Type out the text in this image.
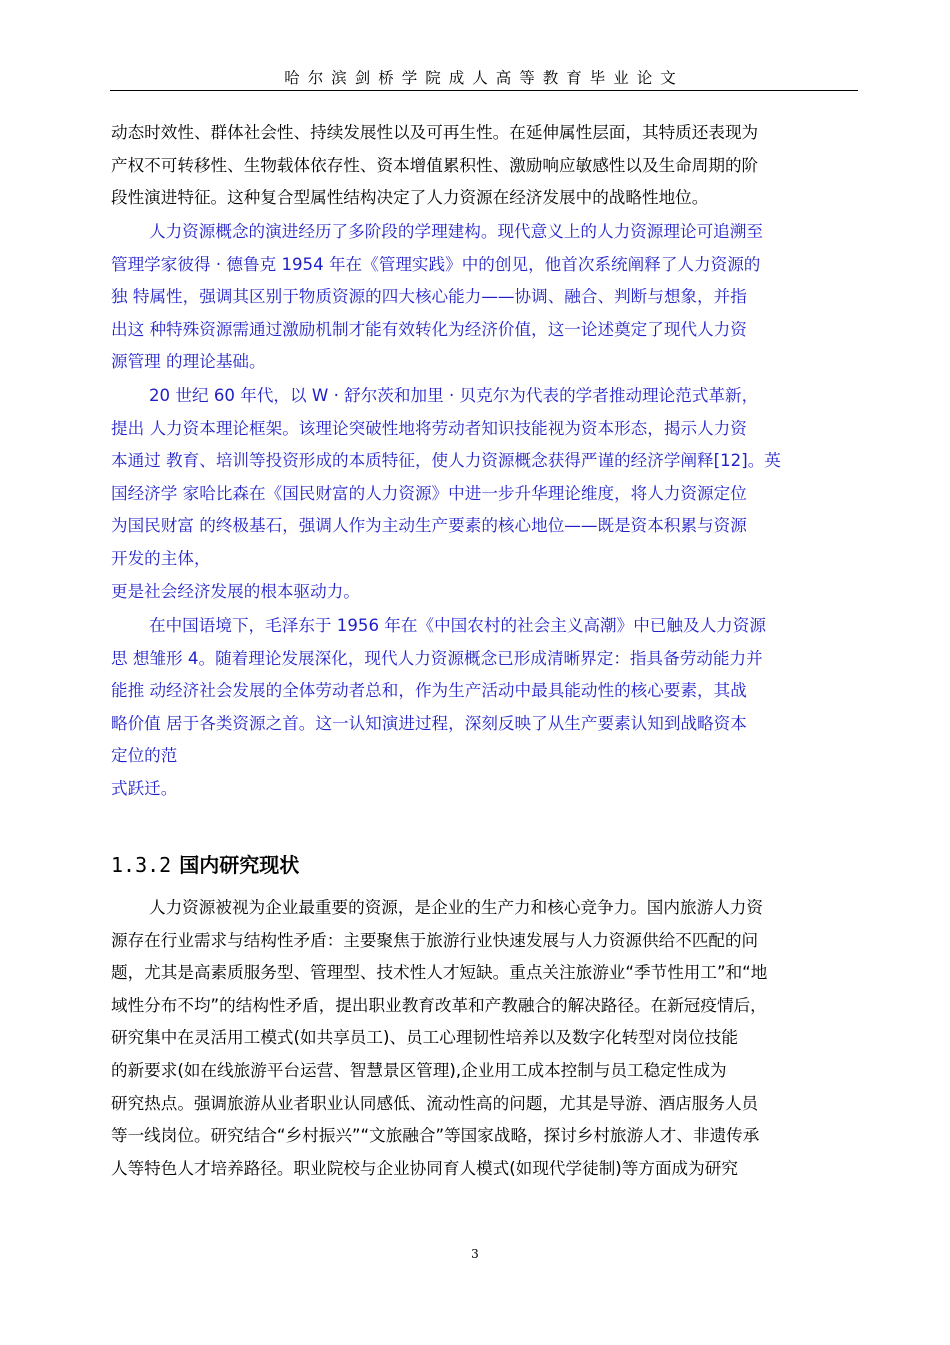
哈尔滨剑桥学院成人高等教育毕业论文
动态时效性、群体社会性、持续发展性以及可再生性。在延伸属性层面，其特质还表现为
产权不可转移性、生物载体依存性、资本增值累积性、激励响应敏感性以及生命周期的阶
段性演进特征。这种复合型属性结构决定了人力资源在经济发展中的战略性地位。
人力资源概念的演进经历了多阶段的学理建构。现代意义上的人力资源理论可追溯至
管理学家彼得 · 德鲁克 1954 年在《管理实践》中的创见，他首次系统阐释了人力资源的
独 特属性，强调其区别于物质资源的四大核心能力——协调、融合、判断与想象，并指
出这 种特殊资源需通过激励机制才能有效转化为经济价值，这一论述奠定了现代人力资
源管理 的理论基础。
20 世纪 60 年代，以 W · 舒尔茨和加里 · 贝克尔为代表的学者推动理论范式革新，
提出 人力资本理论框架。该理论突破性地将劳动者知识技能视为资本形态，揭示人力资
本通过 教育、培训等投资形成的本质特征，使人力资源概念获得严谨的经济学阐释[12]。英
国经济学 家哈比森在《国民财富的人力资源》中进一步升华理论维度，将人力资源定位
为国民财富 的终极基石，强调人作为主动生产要素的核心地位——既是资本积累与资源
开发的主体，
更是社会经济发展的根本驱动力。
在中国语境下，毛泽东于 1956 年在《中国农村的社会主义高潮》中已触及人力资源
思 想雏形 4。随着理论发展深化，现代人力资源概念已形成清晰界定：指具备劳动能力并
能推 动经济社会发展的全体劳动者总和，作为生产活动中最具能动性的核心要素，其战
略价值 居于各类资源之首。这一认知演进过程，深刻反映了从生产要素认知到战略资本
定位的范
式跃迁。
1.3.2 国内研究现状
人力资源被视为企业最重要的资源，是企业的生产力和核心竞争力。国内旅游人力资
源存在行业需求与结构性矛盾：主要聚焦于旅游行业快速发展与人力资源供给不匹配的问
题，尤其是高素质服务型、管理型、技术性人才短缺。重点关注旅游业“季节性用工”和“地
域性分布不均”的结构性矛盾，提出职业教育改革和产教融合的解决路径。在新冠疫情后，
研究集中在灵活用工模式(如共享员工)、员工心理韧性培养以及数字化转型对岗位技能
的新要求(如在线旅游平台运营、智慧景区管理),企业用工成本控制与员工稳定性成为
研究热点。强调旅游从业者职业认同感低、流动性高的问题，尤其是导游、酒店服务人员
等一线岗位。研究结合“乡村振兴”“文旅融合”等国家战略，探讨乡村旅游人才、非遗传承
人等特色人才培养路径。职业院校与企业协同育人模式(如现代学徒制)等方面成为研究
3
